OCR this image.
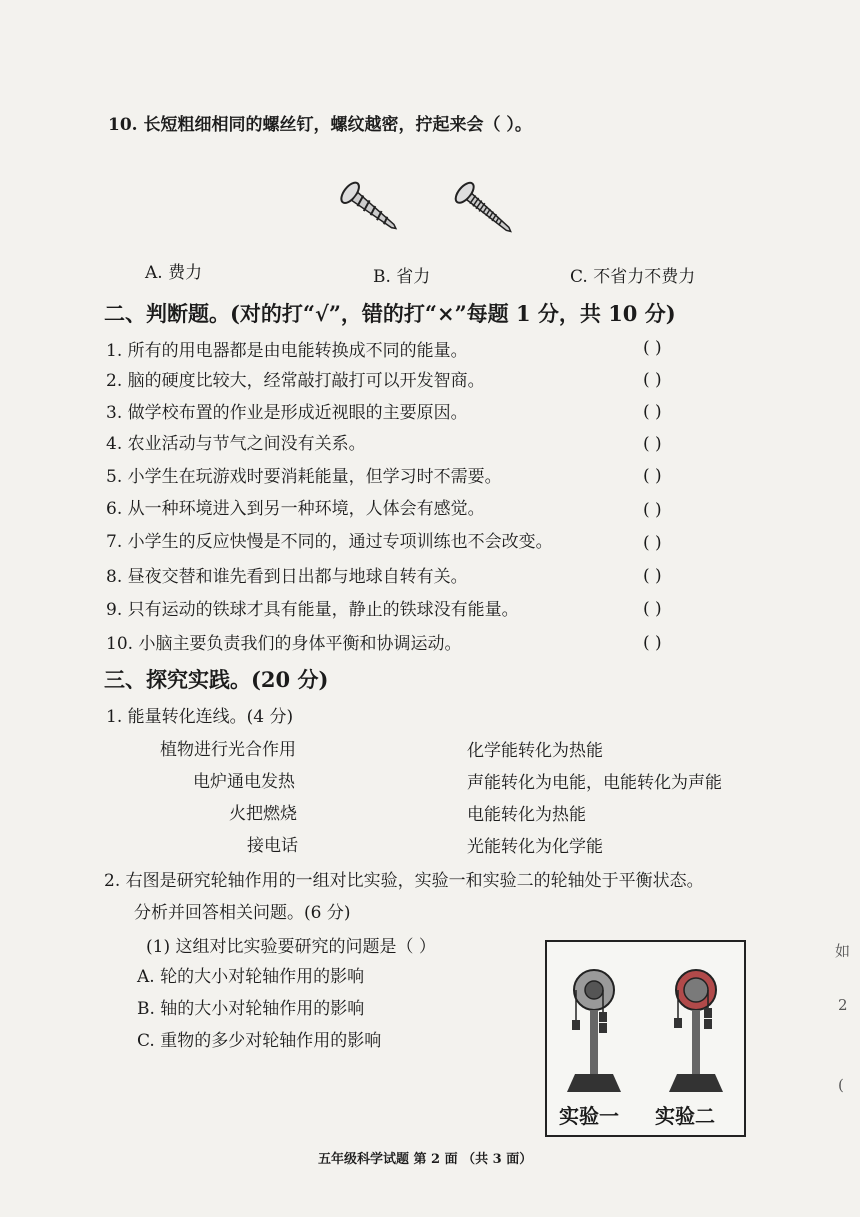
10. 长短粗细相同的螺丝钉，螺纹越密，拧起来会（ ）。
A. 费力	B. 省力	C. 不省力不费力
二、判断题。(对的打“√”，错的打“×”每题 1 分，共 10 分)
1. 所有的用电器都是由电能转换成不同的能量。
2. 脑的硬度比较大，经常敲打敲打可以开发智商。
3. 做学校布置的作业是形成近视眼的主要原因。
4. 农业活动与节气之间没有关系。
5. 小学生在玩游戏时要消耗能量，但学习时不需要。
6. 从一种环境进入到另一种环境，人体会有感觉。
7. 小学生的反应快慢是不同的，通过专项训练也不会改变。
8. 昼夜交替和谁先看到日出都与地球自转有关。
9. 只有运动的铁球才具有能量，静止的铁球没有能量。
10. 小脑主要负责我们的身体平衡和协调运动。
( )
( )
( )
( )
( )
( )
( )
( )
( )
( )
三、探究实践。(20 分)
1. 能量转化连线。(4 分)
植物进行光合作用
电炉通电发热
火把燃烧
接电话
化学能转化为热能
声能转化为电能，电能转化为声能
电能转化为热能
光能转化为化学能
2. 右图是研究轮轴作用的一组对比实验，实验一和实验二的轮轴处于平衡状态。
分析并回答相关问题。(6 分)
(1) 这组对比实验要研究的问题是（ ）
A. 轮的大小对轮轴作用的影响
B. 轴的大小对轮轴作用的影响
C. 重物的多少对轮轴作用的影响
实验一 实验二
如
2
(
五年级科学试题 第 2 面 （共 3 面）
